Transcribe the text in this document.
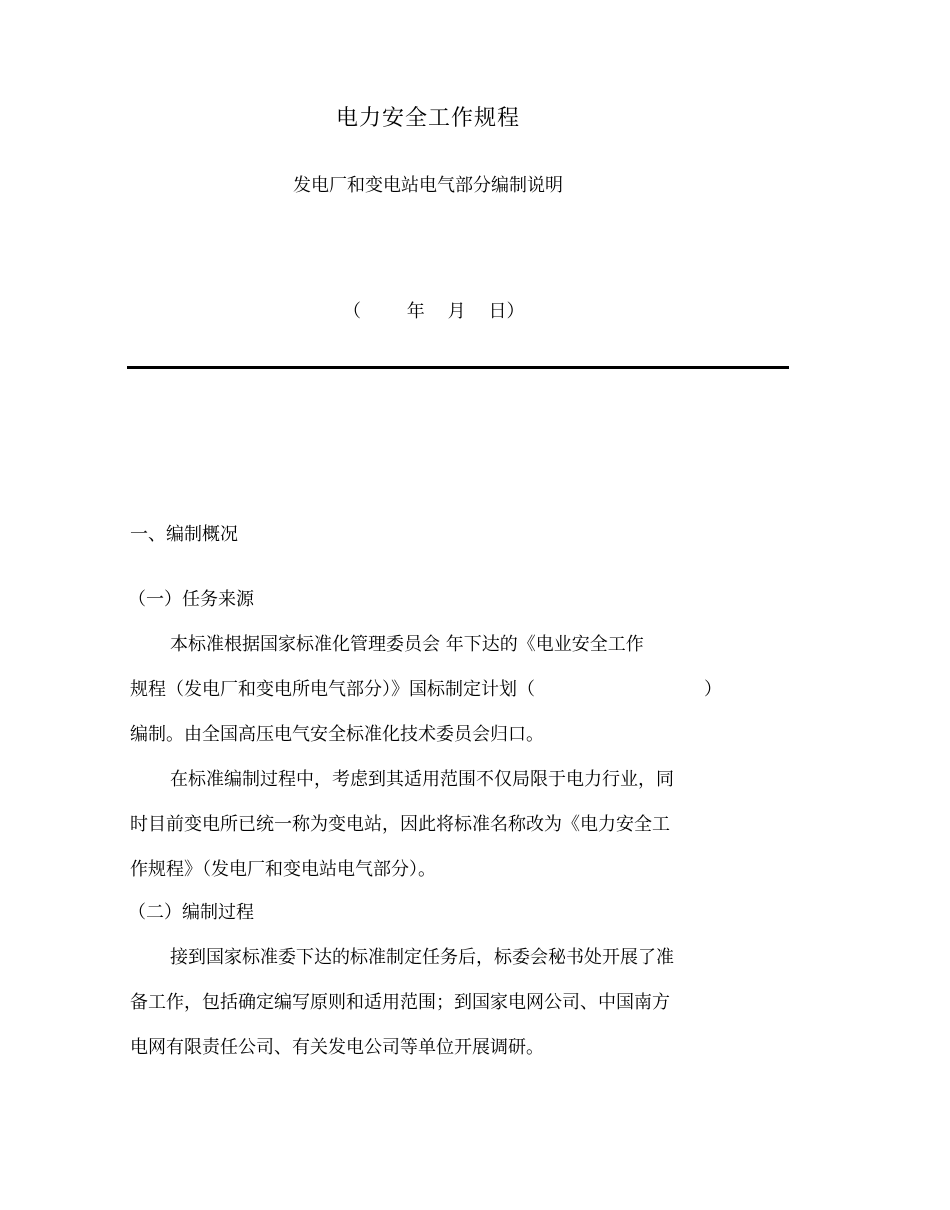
电力安全工作规程
发电厂和变电站电气部分编制说明
（        年    月    日）
一、编制概况
（一）任务来源
本标准根据国家标准化管理委员会 年下达的《电业安全工作
规程（发电厂和变电所电气部分）》国标制定计划（	）
编制。由全国高压电气安全标准化技术委员会归口。
在标准编制过程中，考虑到其适用范围不仅局限于电力行业，同
时目前变电所已统一称为变电站，因此将标准名称改为《电力安全工
作规程》（发电厂和变电站电气部分）。
（二）编制过程
接到国家标准委下达的标准制定任务后，标委会秘书处开展了准
备工作，包括确定编写原则和适用范围；到国家电网公司、中国南方
电网有限责任公司、有关发电公司等单位开展调研。
